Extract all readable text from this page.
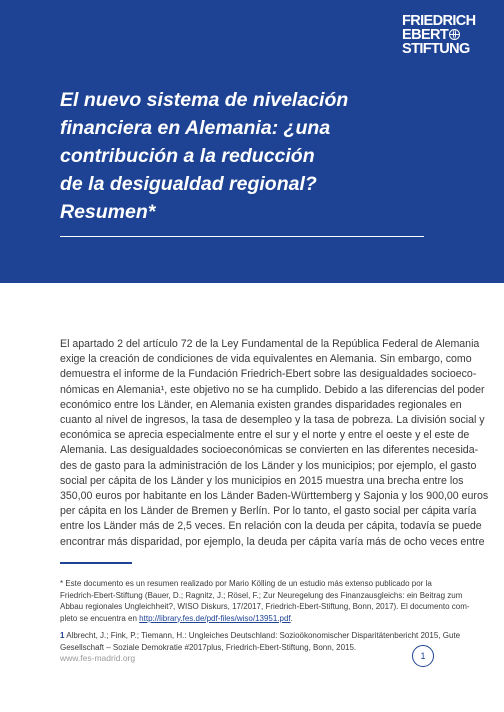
FRIEDRICH
EBERT
STIFTUNG
El nuevo sistema de nivelación
financiera en Alemania: ¿una
contribución a la reducción
de la desigualdad regional?
Resumen*
El apartado 2 del artículo 72 de la Ley Fundamental de la República Federal de Alemania
exige la creación de condiciones de vida equivalentes en Alemania. Sin embargo, como
demuestra el informe de la Fundación Friedrich-Ebert sobre las desigualdades socioeco-
nómicas en Alemania¹, este objetivo no se ha cumplido. Debido a las diferencias del poder
económico entre los Länder, en Alemania existen grandes disparidades regionales en
cuanto al nivel de ingresos, la tasa de desempleo y la tasa de pobreza. La división social y
económica se aprecia especialmente entre el sur y el norte y entre el oeste y el este de
Alemania. Las desigualdades socioeconómicas se convierten en las diferentes necesida-
des de gasto para la administración de los Länder y los municipios; por ejemplo, el gasto
social per cápita de los Länder y los municipios en 2015 muestra una brecha entre los
350,00 euros por habitante en los Länder Baden-Württemberg y Sajonia y los 900,00 euros
per cápita en los Länder de Bremen y Berlín. Por lo tanto, el gasto social per cápita varía
entre los Länder más de 2,5 veces. En relación con la deuda per cápita, todavía se puede
encontrar más disparidad, por ejemplo, la deuda per cápita varía más de ocho veces entre
* Este documento es un resumen realizado por Mario Kölling de un estudio más extenso publicado por la
Friedrich-Ebert-Stiftung (Bauer, D.; Ragnitz, J.; Rösel, F.; Zur Neuregelung des Finanzausgleichs: ein Beitrag zum
Abbau regionales Ungleichheit?, WISO Diskurs, 17/2017, Friedrich-Ebert-Stiftung, Bonn, 2017). El documento com-
pleto se encuentra en http://library.fes.de/pdf-files/wiso/13951.pdf.
1 Albrecht, J.; Fink, P.; Tiemann, H.: Ungleiches Deutschland: Sozioökonomischer Disparitätenbericht 2015, Gute
Gesellschaft – Soziale Demokratie #2017plus, Friedrich-Ebert-Stiftung, Bonn, 2015.
www.fes-madrid.org	1
